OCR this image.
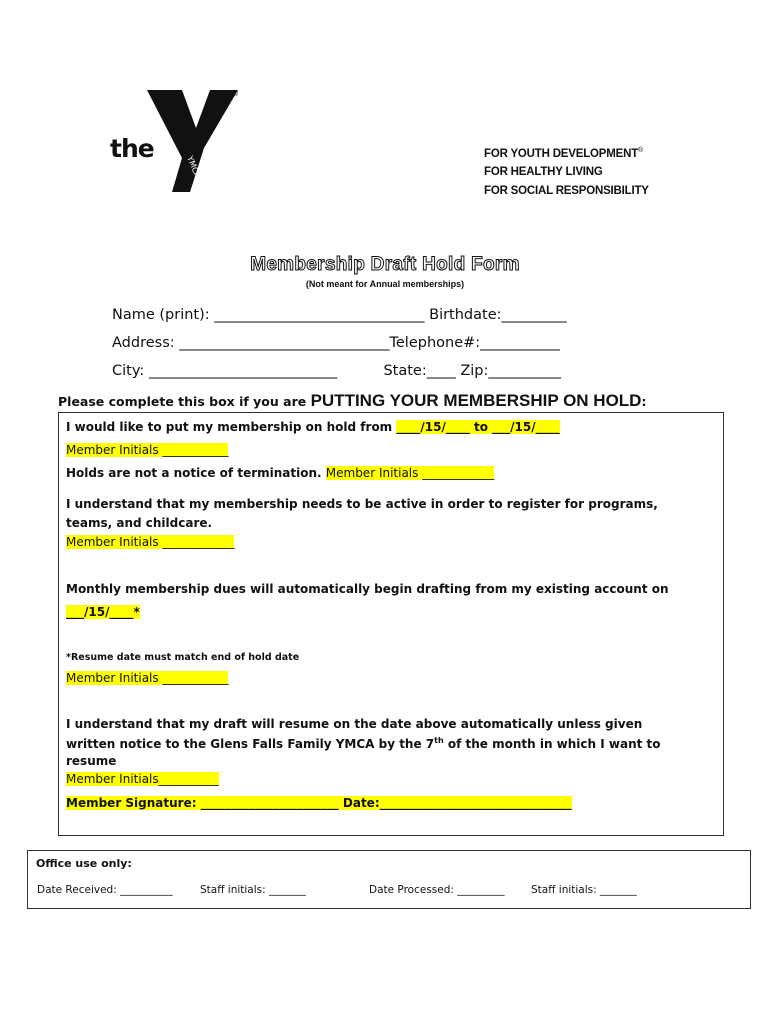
the
YMCA
®
FOR YOUTH DEVELOPMENT®
FOR HEALTHY LIVING
FOR SOCIAL RESPONSIBILITY
Membership Draft Hold Form
(Not meant for Annual memberships)
Name (print): _____________________________ Birthdate:_________
Address: _____________________________Telephone#:___________
City: __________________________          State:____ Zip:__________
Please complete this box if you are PUTTING YOUR MEMBERSHIP ON HOLD:
I would like to put my membership on hold from ____/15/____ to ___/15/____
Member Initials ___________
Holds are not a notice of termination. Member Initials ____________
I understand that my membership needs to be active in order to register for programs,
teams, and childcare.
Member Initials ____________
Monthly membership dues will automatically begin drafting from my existing account on
___/15/____*
*Resume date must match end of hold date
Member Initials ___________
I understand that my draft will resume on the date above automatically unless given
written notice to the Glens Falls Family YMCA by the 7th of the month in which I want to
resume
Member Initials__________
Member Signature: _______________________ Date:________________________________
Office use only:
Date Received: __________	Staff initials: _______	Date Processed: _________	Staff initials: _______
